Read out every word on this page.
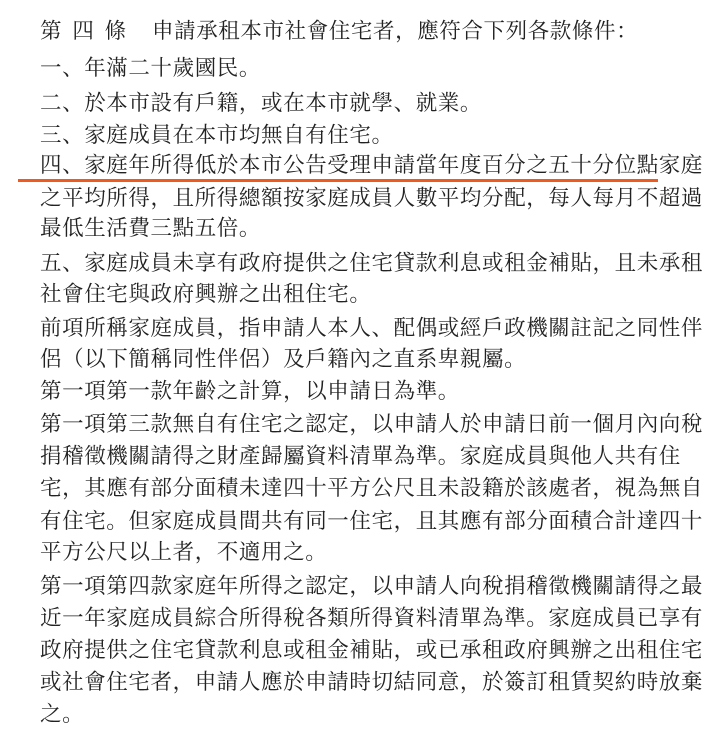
第 四 條 申請承租本市社會住宅者，應符合下列各款條件：
一、年滿二十歲國民。
二、於本市設有戶籍，或在本市就學、就業。
三、家庭成員在本市均無自有住宅。
四、家庭年所得低於本市公告受理申請當年度百分之五十分位點家庭
之平均所得，且所得總額按家庭成員人數平均分配，每人每月不超過
最低生活費三點五倍。
五、家庭成員未享有政府提供之住宅貸款利息或租金補貼，且未承租
社會住宅與政府興辦之出租住宅。
前項所稱家庭成員，指申請人本人、配偶或經戶政機關註記之同性伴
侶（以下簡稱同性伴侶）及戶籍內之直系卑親屬。
第一項第一款年齡之計算，以申請日為準。
第一項第三款無自有住宅之認定，以申請人於申請日前一個月內向稅
捐稽徵機關請得之財產歸屬資料清單為準。家庭成員與他人共有住
宅，其應有部分面積未達四十平方公尺且未設籍於該處者，視為無自
有住宅。但家庭成員間共有同一住宅，且其應有部分面積合計達四十
平方公尺以上者，不適用之。
第一項第四款家庭年所得之認定，以申請人向稅捐稽徵機關請得之最
近一年家庭成員綜合所得稅各類所得資料清單為準。家庭成員已享有
政府提供之住宅貸款利息或租金補貼，或已承租政府興辦之出租住宅
或社會住宅者，申請人應於申請時切結同意，於簽訂租賃契約時放棄
之。
